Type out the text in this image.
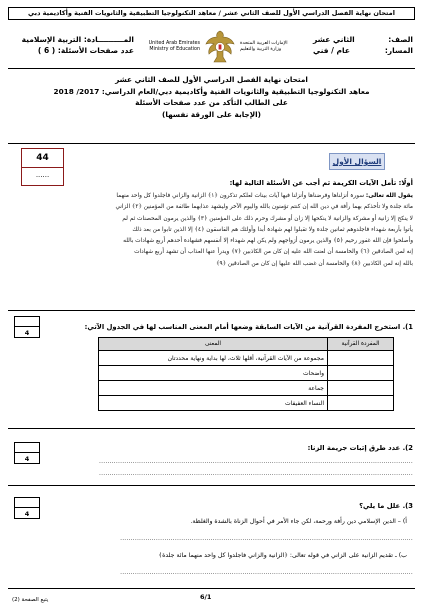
امتحان نهاية الفصل الدراسي الأول للصف الثاني عشر / معاهد التكنولوجيا التطبيقية والثانويات الفنية وأكاديمية دبي
الصف:
الثاني عشر
المسار:
عام / فني
United Arab Emirates
Ministry of Education
الإمارات العربية المتحدة
وزارة التربية والتعليم
المــــــــــادة: التربية الإسلامية
عدد صفحات الأسئلة: ( 6 )
امتحان نهاية الفصل الدراسي الأول للصف الثاني عشر
معاهد التكنولوجيا التطبيقية والثانويات الفنية وأكاديمية دبي/العام الدراسي: 2017/ 2018
على الطالب التأكد من عدد صفحات الأسئلة
(الإجابة على الورقة نفسها)
44
......
السؤال الأول
أولًا: تأمل الآيات الكريمة ثم أجب عن الأسئلة التالية لها:
يقول الله تعالى: سورة أنزلناها وفرضناها وأنزلنا فيها آيات بينات لعلكم تذكرون ﴿١﴾ الزانية والزاني فاجلدوا كل واحد منهما
مائة جلدة ولا تأخذكم بهما رأفة في دين الله إن كنتم تؤمنون بالله واليوم الآخر وليشهد عذابهما طائفة من المؤمنين ﴿٢﴾ الزاني
لا ينكح إلا زانية أو مشركة والزانية لا ينكحها إلا زان أو مشرك وحرم ذلك على المؤمنين ﴿٣﴾ والذين يرمون المحصنات ثم لم
يأتوا بأربعة شهداء فاجلدوهم ثمانين جلدة ولا تقبلوا لهم شهادة أبدا وأولئك هم الفاسقون ﴿٤﴾ إلا الذين تابوا من بعد ذلك
وأصلحوا فإن الله غفور رحيم ﴿٥﴾ والذين يرمون أزواجهم ولم يكن لهم شهداء إلا أنفسهم فشهادة أحدهم أربع شهادات بالله
إنه لمن الصادقين ﴿٦﴾ والخامسة أن لعنت الله عليه إن كان من الكاذبين ﴿٧﴾ ويدرأ عنها العذاب أن تشهد أربع شهادات
بالله إنه لمن الكاذبين ﴿٨﴾ والخامسة أن غضب الله عليها إن كان من الصادقين ﴿٩﴾
4
1). استخرج المفردة القرآنية من الآيات السابقة وضعها أمام المعنى المناسب لها في الجدول الآتي:
المفردة القرآنية	المعنى
	مجموعة من الآيات القرآنية، أقلها ثلاث، لها بداية ونهاية محددتان
	واضحات
	جماعة
	النساء العفيفات
4
2). عدد طرق إثبات جريمة الزنا:
.....................................................................................................................................................
.....................................................................................................................................................
4
3). علل ما يلي؟
أ) – الدين الإسلامي دين رأفة ورحمة، لكن جاء الأمر في أحوال الزناة بالشدة والغلظة.
...........................................................................................................................................
ب) ـ تقديم الزانية على الزاني في قوله تعالى: ﴿الزانية والزاني فاجلدوا كل واحد منهما مائة جلدة﴾
...........................................................................................................................................
6/1
يتبع الصفحة (2)
